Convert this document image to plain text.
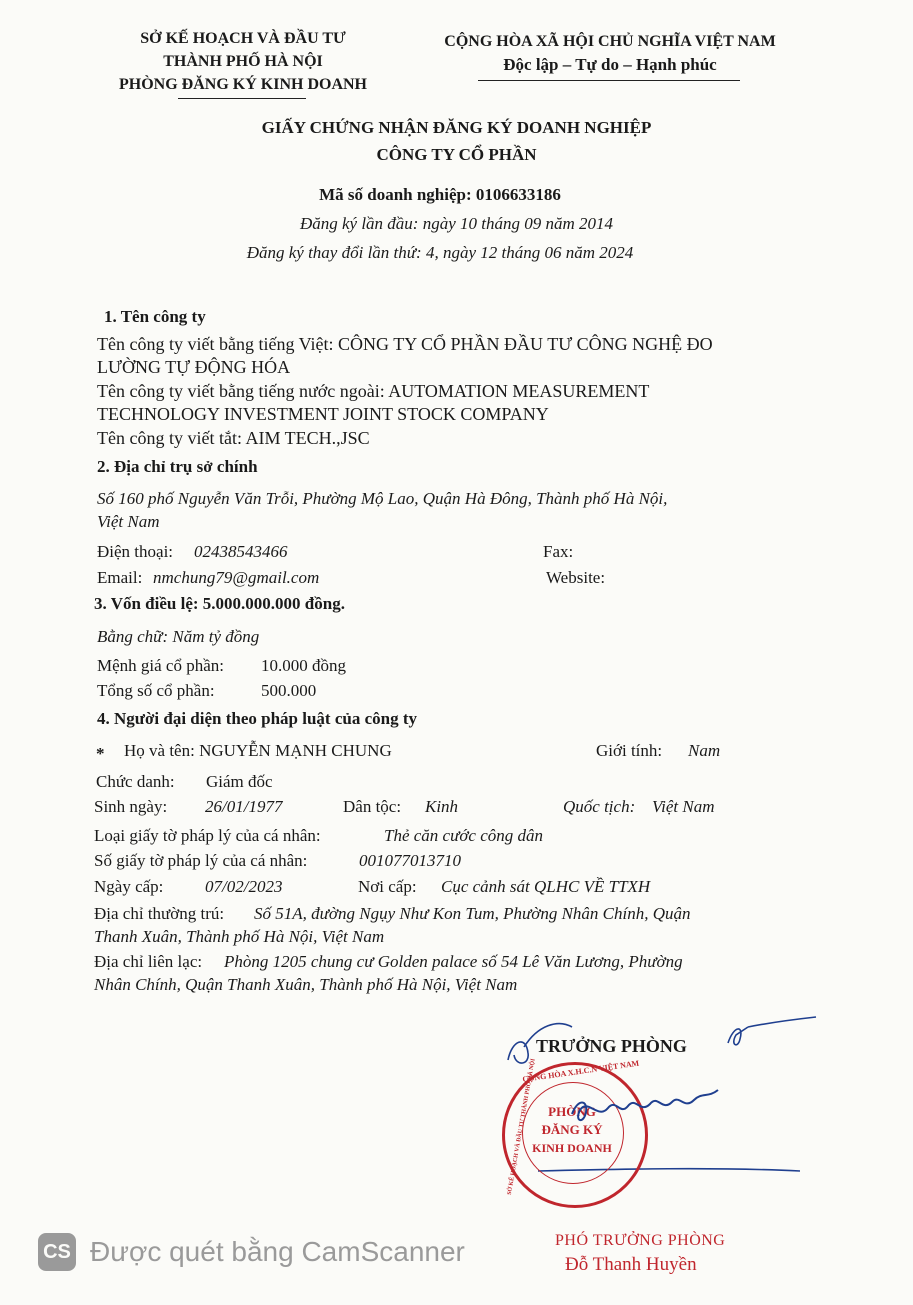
SỞ KẾ HOẠCH VÀ ĐẦU TƯ
THÀNH PHỐ HÀ NỘI
PHÒNG ĐĂNG KÝ KINH DOANH
CỘNG HÒA XÃ HỘI CHỦ NGHĨA VIỆT NAM
Độc lập – Tự do – Hạnh phúc
GIẤY CHỨNG NHẬN ĐĂNG KÝ DOANH NGHIỆP
CÔNG TY CỔ PHẦN
Mã số doanh nghiệp: 0106633186
Đăng ký lần đầu: ngày 10 tháng 09 năm 2014
Đăng ký thay đổi lần thứ: 4, ngày 12 tháng 06 năm 2024
1. Tên công ty
Tên công ty viết bằng tiếng Việt: CÔNG TY CỔ PHẦN ĐẦU TƯ CÔNG NGHỆ ĐO
LƯỜNG TỰ ĐỘNG HÓA
Tên công ty viết bằng tiếng nước ngoài: AUTOMATION MEASUREMENT
TECHNOLOGY INVESTMENT JOINT STOCK COMPANY
Tên công ty viết tắt: AIM TECH.,JSC
2. Địa chỉ trụ sở chính
Số 160 phố Nguyễn Văn Trỗi, Phường Mộ Lao, Quận Hà Đông, Thành phố Hà Nội,
Việt Nam
Điện thoại: 02438543466	Fax:
Email: nmchung79@gmail.com	Website:
3. Vốn điều lệ: 5.000.000.000 đồng.
Bằng chữ: Năm tỷ đồng
Mệnh giá cổ phần: 10.000 đồng
Tổng số cổ phần:	500.000
4. Người đại diện theo pháp luật của công ty
* Họ và tên: NGUYỄN MẠNH CHUNG	Giới tính: Nam
Chức danh: Giám đốc
Sinh ngày: 26/01/1977	Dân tộc: Kinh	Quốc tịch: Việt Nam
Loại giấy tờ pháp lý của cá nhân:	Thẻ căn cước công dân
Số giấy tờ pháp lý của cá nhân:	001077013710
Ngày cấp: 07/02/2023	Nơi cấp: Cục cảnh sát QLHC VỀ TTXH
Địa chỉ thường trú: Số 51A, đường Ngụy Như Kon Tum, Phường Nhân Chính, Quận
Thanh Xuân, Thành phố Hà Nội, Việt Nam
Địa chỉ liên lạc: Phòng 1205 chung cư Golden palace số 54 Lê Văn Lương, Phường
Nhân Chính, Quận Thanh Xuân, Thành phố Hà Nội, Việt Nam
TRƯỞNG PHÒNG
CỘNG HÒA X.H.C.N VIỆT NAM
SỞ KẾ HOẠCH VÀ ĐẦU TƯ THÀNH PHỐ HÀ NỘI PHÒNG
ĐĂNG KÝ
KINH DOANH
PHÓ TRƯỞNG PHÒNG
Đỗ Thanh Huyền
CS Được quét bằng CamScanner
